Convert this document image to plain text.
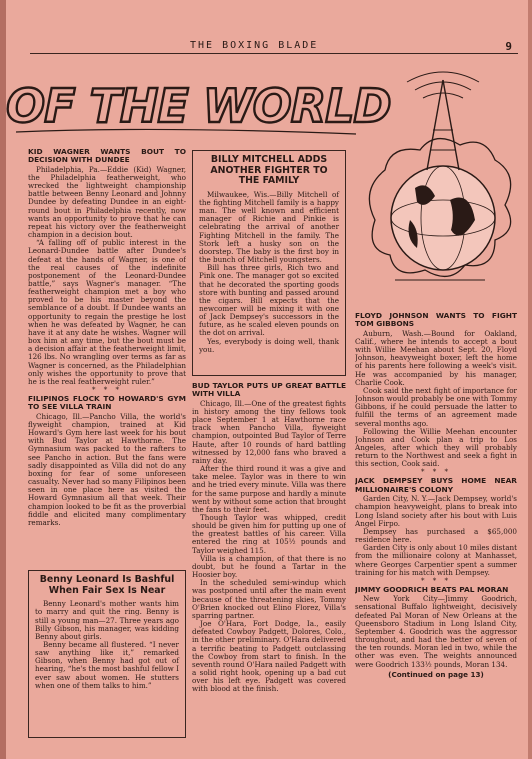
THE BOXING BLADE	9
OF THE WORLD
KID WAGNER WANTS BOUT TO DECISION WITH DUNDEE

Philadelphia, Pa.—Eddie (Kid) Wagner, the Philadelphia featherweight, who wrecked the lightweight championship battle between Benny Leonard and Johnny Dundee by defeating Dundee in an eight-round bout in Philadelphia recently, now wants an opportunity to prove that he can repeat his victory over the featherweight champion in a decision bout.

“A falling off of public interest in the Leonard-Dundee battle after Dundee's defeat at the hands of Wagner, is one of the real causes of the indefinite postponement of the Leonard-Dundee battle,” says Wagner's manager. “The featherweight champion met a boy who proved to be his master beyond the semblance of a doubt. If Dundee wants an opportunity to regain the prestige he lost when he was defeated by Wagner, he can have it at any date he wishes. Wagner will box him at any time, but the bout must be a decision affair at the featherweight limit, 126 lbs. No wrangling over terms as far as Wagner is concerned, as the Philadelphian only wishes the opportunity to prove that he is the real featherweight ruler.”

* * *
FILIPINOS FLOCK TO HOWARD'S GYM TO SEE VILLA TRAIN

Chicago, Ill.—Pancho Villa, the world's flyweight champion, trained at Kid Howard's Gym here last week for his bout with Bud Taylor at Hawthorne. The Gymnasium was packed to the rafters to see Pancho in action. But the fans were sadly disappointed as Villa did not do any boxing for fear of some unforeseen casualty. Never had so many Filipinos been seen in one place here as visited the Howard Gymnasium all that week. Their champion looked to be fit as the proverbial fiddle and elicited many complimentary remarks.

Benny Leonard Is Bashful When Fair Sex Is Near

Benny Leonard's mother wants him to marry and quit the ring. Benny is still a young man—27. Three years ago Billy Gibson, his manager, was kidding Benny about girls.

Benny became all flustered. “I never saw anything like it,” remarked Gibson, when Benny had got out of hearing, “he's the most bashful fellow I ever saw about women. He stutters when one of them talks to him.”

BILLY MITCHELL ADDS ANOTHER FIGHTER TO THE FAMILY

Milwaukee, Wis.—Billy Mitchell of the fighting Mitchell family is a happy man. The well known and efficient manager of Richie and Pinkie is celebrating the arrival of another Fighting Mitchell in the family. The Stork left a husky son on the doorstep. The baby is the first boy in the bunch of Mitchell youngsters.

Bill has three girls, Rich two and Pink one. The manager got so excited that he decorated the sporting goods store with bunting and passed around the cigars. Bill expects that the newcomer will be mixing it with one of Jack Dempsey's successors in the future, as he scaled eleven pounds on the dot on arrival.

Yes, everybody is doing well, thank you.

BUD TAYLOR PUTS UP GREAT BATTLE WITH VILLA

Chicago, Ill.—One of the greatest fights in history among the tiny fellows took place September 1 at Hawthorne race track when Pancho Villa, flyweight champion, outpointed Bud Taylor of Terre Haute, after 10 rounds of hard battling witnessed by 12,000 fans who braved a rainy day.

After the third round it was a give and take melee. Taylor was in there to win and he tried every minute. Villa was there for the same purpose and hardly a minute went by without some action that brought the fans to their feet.

Though Taylor was whipped, credit should be given him for putting up one of the greatest battles of his career. Villa entered the ring at 105½ pounds and Taylor weighed 115.

Villa is a champion, of that there is no doubt, but he found a Tartar in the Hoosier boy.

In the scheduled semi-windup which was postponed until after the main event because of the threatening skies, Tommy O'Brien knocked out Elino Florez, Villa's sparring partner.

Joe O'Hara, Fort Dodge, Ia., easily defeated Cowboy Padgett, Dolores, Colo., in the other preliminary. O'Hara delivered a terrific beating to Padgett outclassing the Cowboy from start to finish. In the seventh round O'Hara nailed Padgett with a solid right hook, opening up a bad cut over his left eye. Padgett was covered with blood at the finish.

FLOYD JOHNSON WANTS TO FIGHT TOM GIBBONS

Auburn, Wash.—Bound for Oakland, Calif., where he intends to accept a bout with Willie Meehan about Sept. 20, Floyd Johnson, heavyweight boxer, left the home of his parents here following a week's visit. He was accompanied by his manager, Charlie Cook.

Cook said the next fight of importance for Johnson would probably be one with Tommy Gibbons, if he could persuade the latter to fulfill the terms of an agreement made several months ago.

Following the Willie Meehan encounter Johnson and Cook plan a trip to Los Angeles, after which they will probably return to the Northwest and seek a fight in this section, Cook said.

* * *
JACK DEMPSEY BUYS HOME NEAR MILLIONAIRE'S COLONY

Garden City, N. Y.—Jack Dempsey, world's champion heavyweight, plans to break into Long Island society after his bout with Luis Angel Firpo.

Dempsey has purchased a $65,000 residence here.

Garden City is only about 10 miles distant from the millionaire colony at Manhasset, where Georges Carpentier spent a summer training for his match with Dempsey.

* * *
JIMMY GOODRICH BEATS PAL MORAN

New York City—Jimmy Goodrich, sensational Buffalo lightweight, decisively defeated Pal Moran of New Orleans at the Queensboro Stadium in Long Island City, September 4. Goodrich was the aggressor throughout, and had the better of seven of the ten rounds. Moran led in two, while the other was even. The weights announced were Goodrich 133½ pounds, Moran 134.

(Continued on page 13)
